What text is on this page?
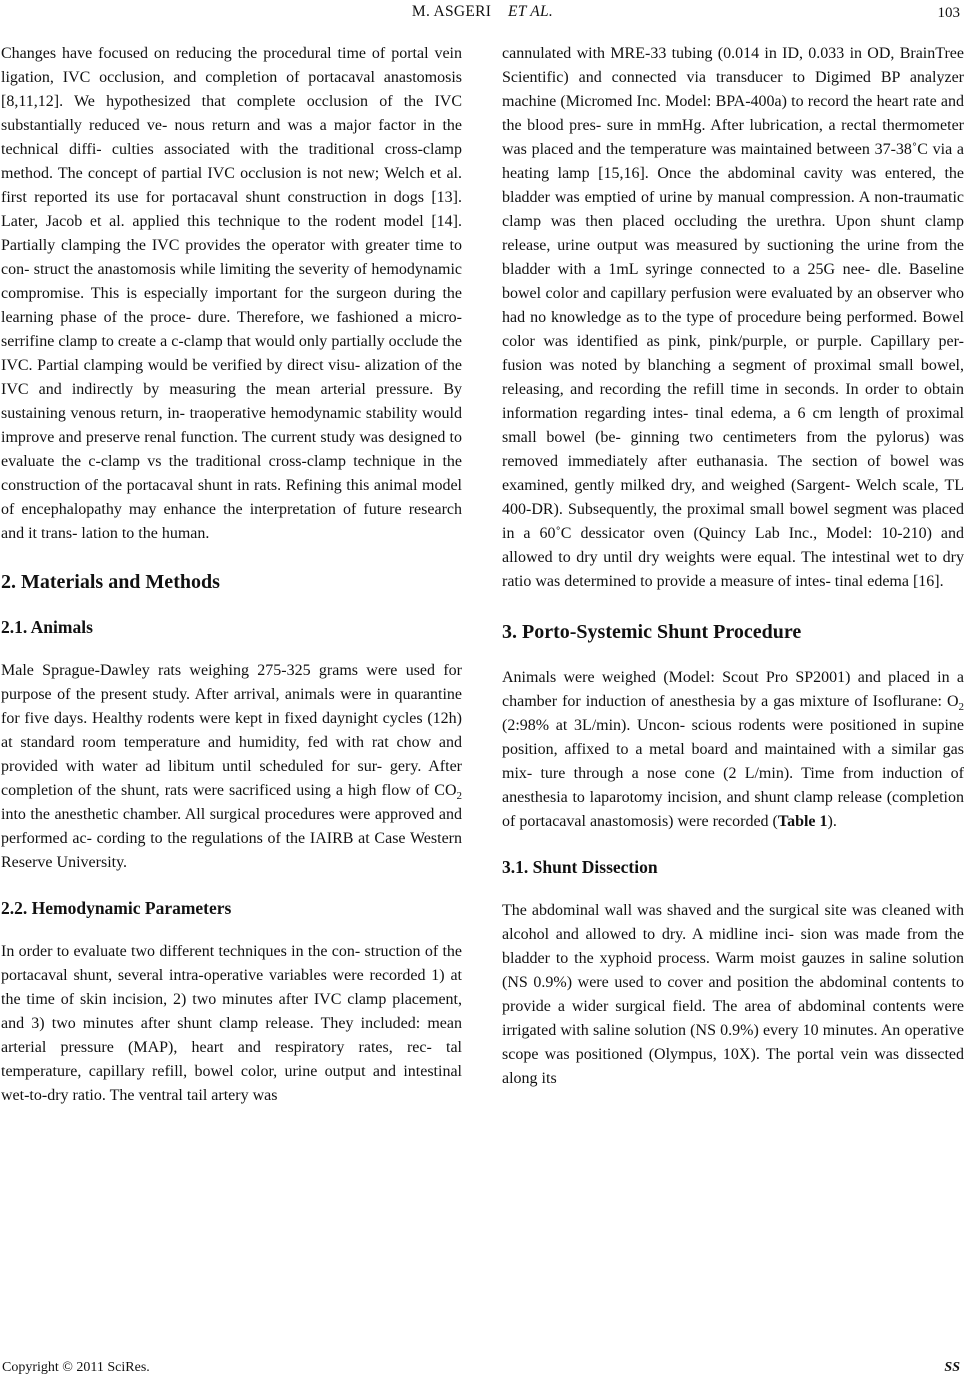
M. ASGERI ET AL.	103

Changes have focused on reducing the procedural time of portal vein ligation, IVC occlusion, and completion of portacaval anastomosis [8,11,12]. We hypothesized that complete occlusion of the IVC substantially reduced ve- nous return and was a major factor in the technical diffi- culties associated with the traditional cross-clamp method. The concept of partial IVC occlusion is not new; Welch et al. first reported its use for portacaval shunt construction in dogs [13]. Later, Jacob et al. applied this technique to the rodent model [14]. Partially clamping the IVC provides the operator with greater time to con- struct the anastomosis while limiting the severity of hemodynamic compromise. This is especially important for the surgeon during the learning phase of the proce- dure. Therefore, we fashioned a micro-serrifine clamp to create a c-clamp that would only partially occlude the IVC. Partial clamping would be verified by direct visu- alization of the IVC and indirectly by measuring the mean arterial pressure. By sustaining venous return, in- traoperative hemodynamic stability would improve and preserve renal function. The current study was designed to evaluate the c-clamp vs the traditional cross-clamp technique in the construction of the portacaval shunt in rats. Refining this animal model of encephalopathy may enhance the interpretation of future research and it trans- lation to the human.

2. Materials and Methods

2.1. Animals

Male Sprague-Dawley rats weighing 275-325 grams were used for purpose of the present study. After arrival, animals were in quarantine for five days. Healthy rodents were kept in fixed daynight cycles (12h) at standard room temperature and humidity, fed with rat chow and provided with water ad libitum until scheduled for sur- gery. After completion of the shunt, rats were sacrificed using a high flow of $CO_2$ into the anesthetic chamber. All surgical procedures were approved and performed ac- cording to the regulations of the IAIRB at Case Western Reserve University.

2.2. Hemodynamic Parameters

In order to evaluate two different techniques in the con- struction of the portacaval shunt, several intra-operative variables were recorded 1) at the time of skin incision, 2) two minutes after IVC clamp placement, and 3) two minutes after shunt clamp release. They included: mean arterial pressure (MAP), heart and respiratory rates, rec- tal temperature, capillary refill, bowel color, urine output and intestinal wet-to-dry ratio. The ventral tail artery was

cannulated with MRE-33 tubing (0.014 in ID, 0.033 in OD, BrainTree Scientific) and connected via transducer to Digimed BP analyzer machine (Micromed Inc. Model: BPA-400a) to record the heart rate and the blood pres- sure in mmHg. After lubrication, a rectal thermometer was placed and the temperature was maintained between 37-38˚C via a heating lamp [15,16]. Once the abdominal cavity was entered, the bladder was emptied of urine by manual compression. A non-traumatic clamp was then placed occluding the urethra. Upon shunt clamp release, urine output was measured by suctioning the urine from the bladder with a 1mL syringe connected to a 25G nee- dle. Baseline bowel color and capillary perfusion were evaluated by an observer who had no knowledge as to the type of procedure being performed. Bowel color was identified as pink, pink/purple, or purple. Capillary per- fusion was noted by blanching a segment of proximal small bowel, releasing, and recording the refill time in seconds. In order to obtain information regarding intes- tinal edema, a 6 cm length of proximal small bowel (be- ginning two centimeters from the pylorus) was removed immediately after euthanasia. The section of bowel was examined, gently milked dry, and weighed (Sargent- Welch scale, TL 400-DR). Subsequently, the proximal small bowel segment was placed in a 60˚C dessicator oven (Quincy Lab Inc., Model: 10-210) and allowed to dry until dry weights were equal. The intestinal wet to dry ratio was determined to provide a measure of intes- tinal edema [16].

3. Porto-Systemic Shunt Procedure

Animals were weighed (Model: Scout Pro SP2001) and placed in a chamber for induction of anesthesia by a gas mixture of Isoflurane: $O_2$ (2:98% at 3L/min). Uncon- scious rodents were positioned in supine position, affixed to a metal board and maintained with a similar gas mix- ture through a nose cone (2 L/min). Time from induction of anesthesia to laparotomy incision, and shunt clamp release (completion of portacaval anastomosis) were recorded (Table 1).

3.1. Shunt Dissection

The abdominal wall was shaved and the surgical site was cleaned with alcohol and allowed to dry. A midline inci- sion was made from the bladder to the xyphoid process. Warm moist gauzes in saline solution (NS 0.9%) were used to cover and position the abdominal contents to provide a wider surgical field. The area of abdominal contents were irrigated with saline solution (NS 0.9%) every 10 minutes. An operative scope was positioned (Olympus, 10X). The portal vein was dissected along its

Copyright © 2011 SciRes.	SS
